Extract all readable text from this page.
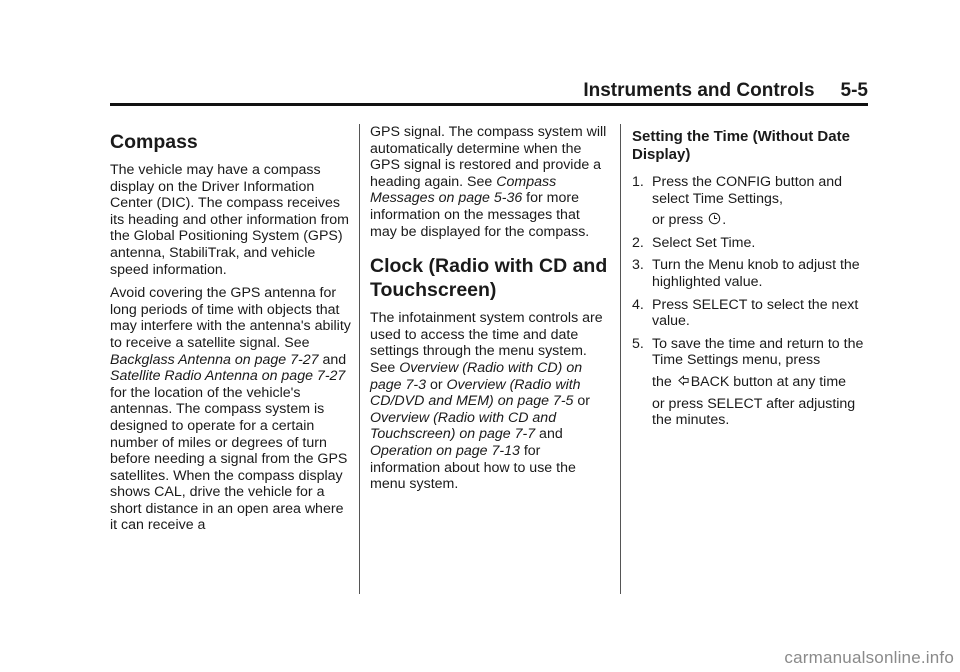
Instruments and Controls 5-5
Compass

The vehicle may have a compass display on the Driver Information Center (DIC). The compass receives its heading and other information from the Global Positioning System (GPS) antenna, StabiliTrak, and vehicle speed information.

Avoid covering the GPS antenna for long periods of time with objects that may interfere with the antenna's ability to receive a satellite signal. See Backglass Antenna on page 7-27 and Satellite Radio Antenna on page 7-27 for the location of the vehicle's antennas. The compass system is designed to operate for a certain number of miles or degrees of turn before needing a signal from the GPS satellites. When the compass display shows CAL, drive the vehicle for a short distance in an open area where it can receive a

GPS signal. The compass system will automatically determine when the GPS signal is restored and provide a heading again. See Compass Messages on page 5-36 for more information on the messages that may be displayed for the compass.

Clock (Radio with CD and Touchscreen)

The infotainment system controls are used to access the time and date settings through the menu system. See Overview (Radio with CD) on page 7-3 or Overview (Radio with CD/DVD and MEM) on page 7-5 or Overview (Radio with CD and Touchscreen) on page 7-7 and Operation on page 7-13 for information about how to use the menu system.

Setting the Time (Without Date Display)
1. Press the CONFIG button and select Time Settings,
or press .
2. Select Set Time.
3. Turn the Menu knob to adjust the highlighted value.
4. Press SELECT to select the next value.
5. To save the time and return to the Time Settings menu, press
the BACK button at any time
or press SELECT after adjusting the minutes.
carmanualsonline.info
